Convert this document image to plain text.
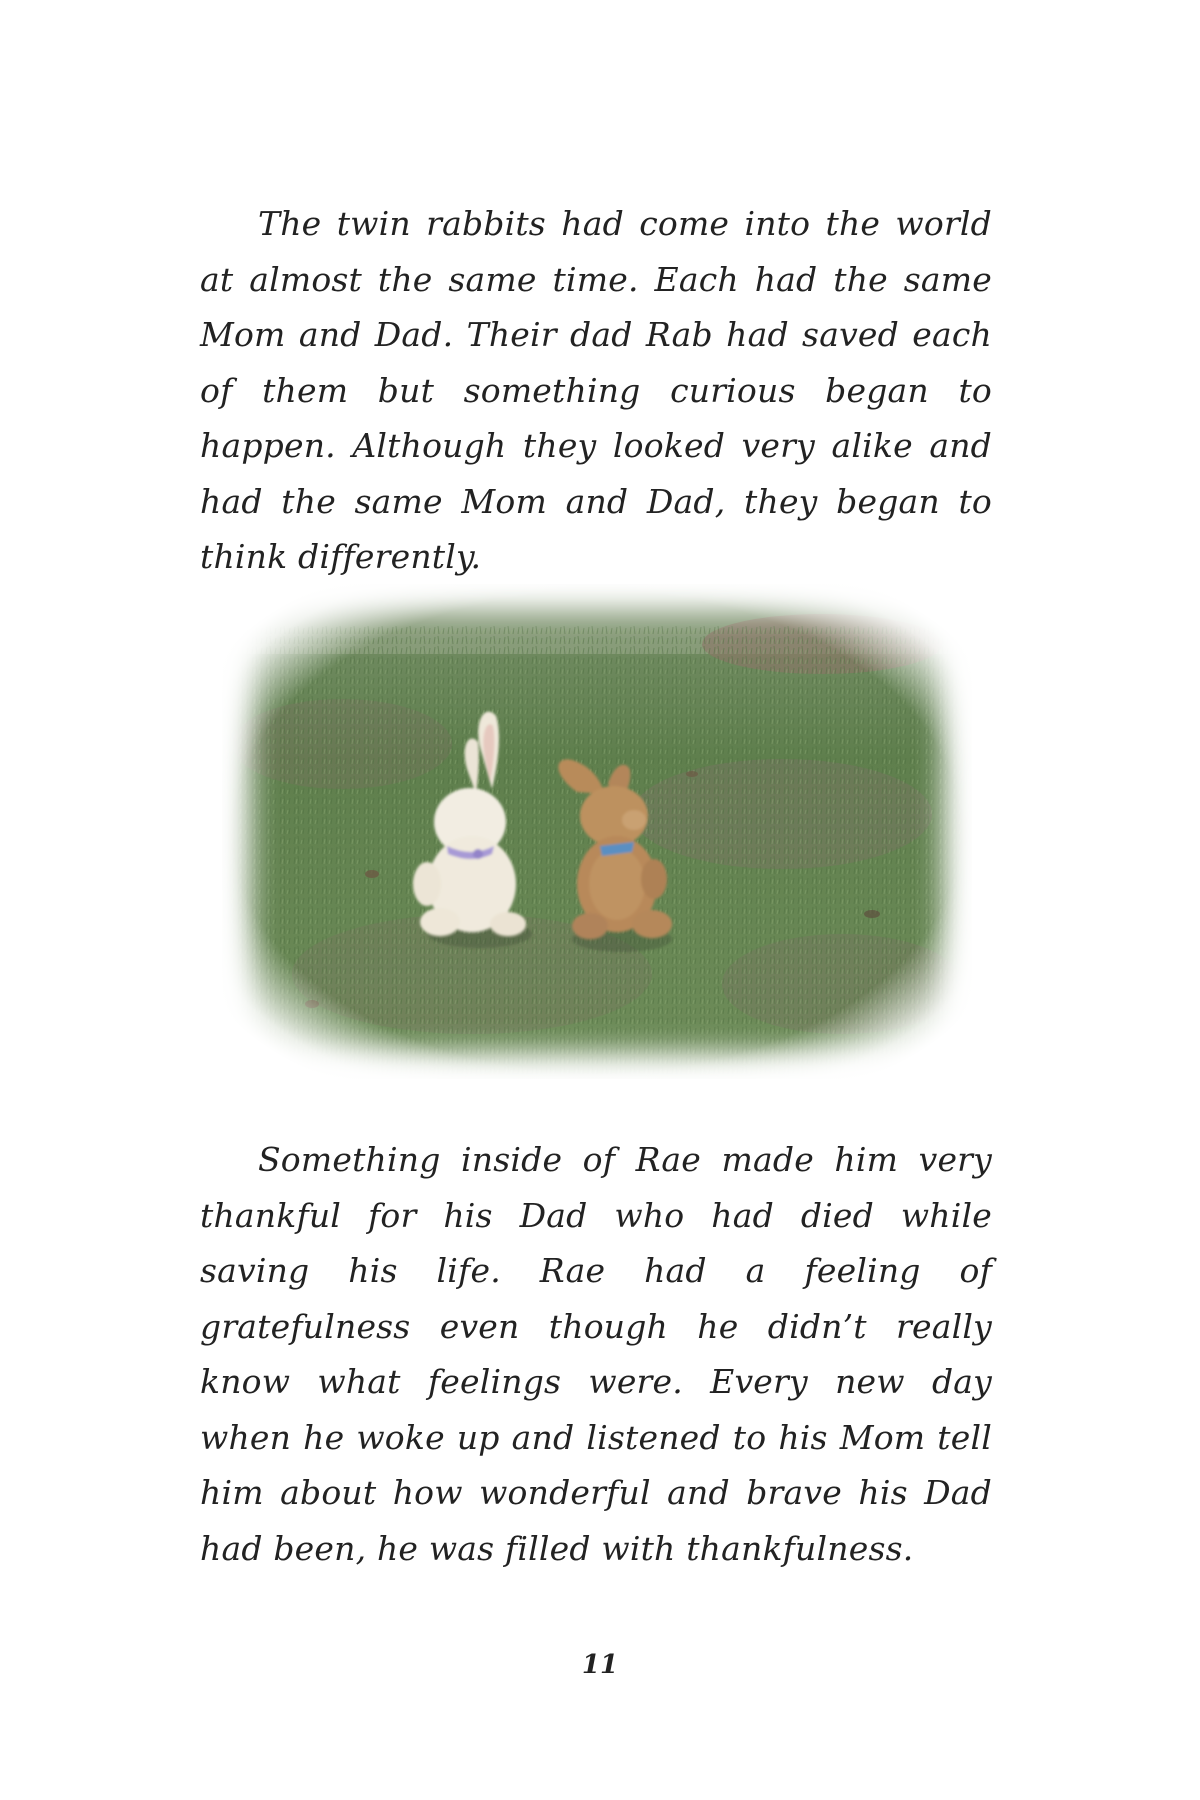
The twin rabbits had come into the world at almost the same time. Each had the same Mom and Dad. Their dad Rab had saved each of them but something curious began to happen. Although they looked very alike and had the same Mom and Dad, they began to think differently.

Something inside of Rae made him very thankful for his Dad who had died while saving his life. Rae had a feeling of gratefulness even though he didn’t really know what feelings were. Every new day when he woke up and listened to his Mom tell him about how wonderful and brave his Dad had been, he was filled with thankfulness.

11
